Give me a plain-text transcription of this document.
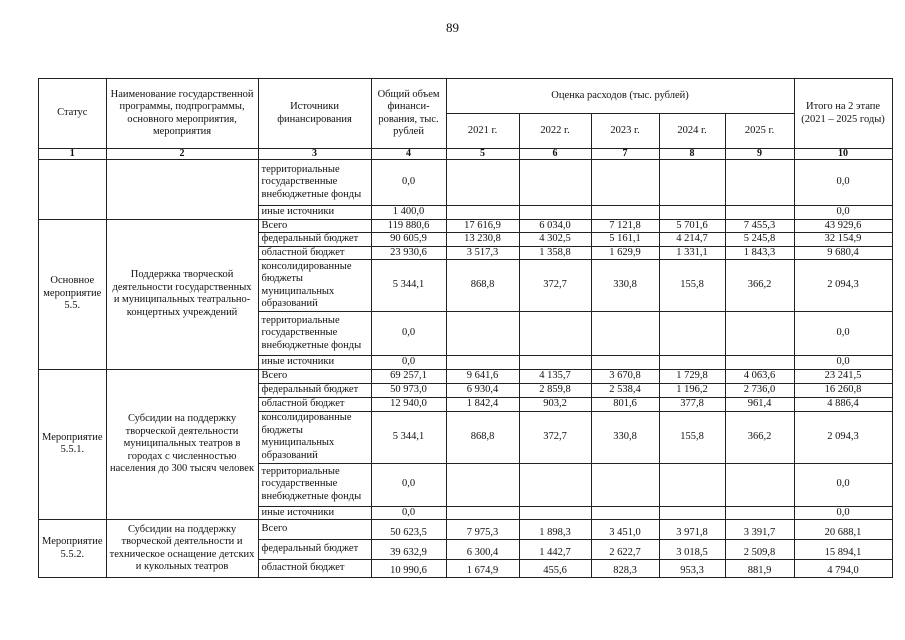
89
Статус	Наименование государственной программы, подпрограммы, основного мероприятия, мероприятия	Источники финансирования	Общий объем финанси-рования, тыс. рублей	Оценка расходов (тыс. рублей)					Итого на 2 этапе (2021 – 2025 годы)
				2021 г.	2022 г.	2023 г.	2024 г.	2025 г.	
1	2	3	4	5	6	7	8	9	10
		территориальные государственные внебюджетные фонды	0,0						0,0
		иные источники	1 400,0						0,0
Основное мероприятие 5.5.	Поддержка творческой деятельности государственных и муниципальных театрально-концертных учреждений	Всего	119 880,6	17 616,9	6 034,0	7 121,8	5 701,6	7 455,3	43 929,6
		федеральный бюджет	90 605,9	13 230,8	4 302,5	5 161,1	4 214,7	5 245,8	32 154,9
		областной бюджет	23 930,6	3 517,3	1 358,8	1 629,9	1 331,1	1 843,3	9 680,4
		консолидированные бюджеты муниципальных образований	5 344,1	868,8	372,7	330,8	155,8	366,2	2 094,3
		территориальные государственные внебюджетные фонды	0,0						0,0
		иные источники	0,0						0,0
Мероприятие 5.5.1.	Субсидии на поддержку творческой деятельности муниципальных театров в городах с численностью населения до 300 тысяч человек	Всего	69 257,1	9 641,6	4 135,7	3 670,8	1 729,8	4 063,6	23 241,5
		федеральный бюджет	50 973,0	6 930,4	2 859,8	2 538,4	1 196,2	2 736,0	16 260,8
		областной бюджет	12 940,0	1 842,4	903,2	801,6	377,8	961,4	4 886,4
		консолидированные бюджеты муниципальных образований	5 344,1	868,8	372,7	330,8	155,8	366,2	2 094,3
		территориальные государственные внебюджетные фонды	0,0						0,0
		иные источники	0,0						0,0
Мероприятие 5.5.2.	Субсидии на поддержку творческой деятельности и техническое оснащение детских и кукольных театров	Всего	50 623,5	7 975,3	1 898,3	3 451,0	3 971,8	3 391,7	20 688,1
		федеральный бюджет	39 632,9	6 300,4	1 442,7	2 622,7	3 018,5	2 509,8	15 894,1
		областной бюджет	10 990,6	1 674,9	455,6	828,3	953,3	881,9	4 794,0
